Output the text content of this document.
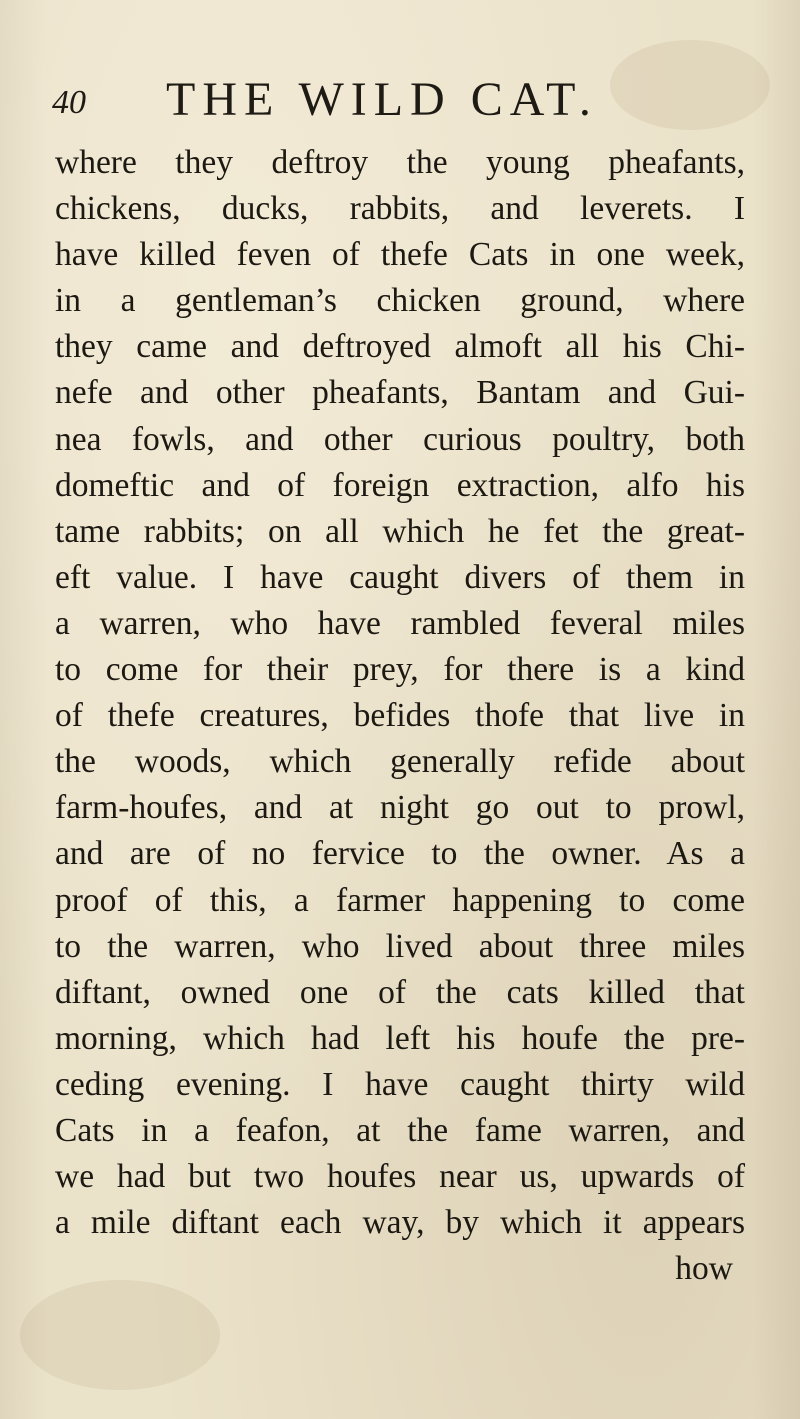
40 THE WILD CAT.
where they deftroy the young pheafants,
chickens, ducks, rabbits, and leverets. I
have killed feven of thefe Cats in one week,
in a gentleman’s chicken ground, where
they came and deftroyed almoft all his Chi-
nefe and other pheafants, Bantam and Gui-
nea fowls, and other curious poultry, both
domeftic and of foreign extraction, alfo his
tame rabbits; on all which he fet the great-
eft value. I have caught divers of them in
a warren, who have rambled feveral miles
to come for their prey, for there is a kind
of thefe creatures, befides thofe that live in
the woods, which generally refide about
farm-houfes, and at night go out to prowl,
and are of no fervice to the owner. As a
proof of this, a farmer happening to come
to the warren, who lived about three miles
diftant, owned one of the cats killed that
morning, which had left his houfe the pre-
ceding evening. I have caught thirty wild
Cats in a feafon, at the fame warren, and
we had but two houfes near us, upwards of
a mile diftant each way, by which it appears
how
